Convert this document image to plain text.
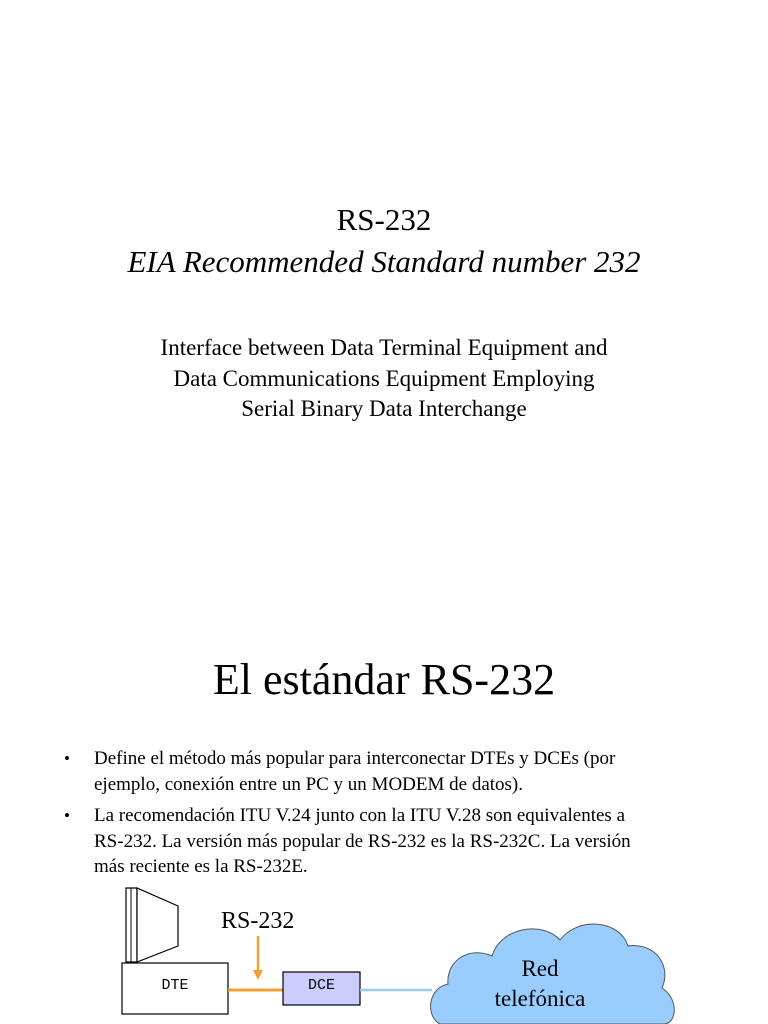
RS-232
EIA Recommended Standard number 232
Interface between Data Terminal Equipment and
Data Communications Equipment Employing
Serial Binary Data Interchange
El estándar RS-232
• Define el método más popular para interconectar DTEs y DCEs (por
ejemplo, conexión entre un PC y un MODEM de datos).
• La recomendación ITU V.24 junto con la ITU V.28 son equivalentes a
RS-232. La versión más popular de RS-232 es la RS-232C. La versión
más reciente es la RS-232E.
RS-232
DTE	DCE
Red
telefónica
